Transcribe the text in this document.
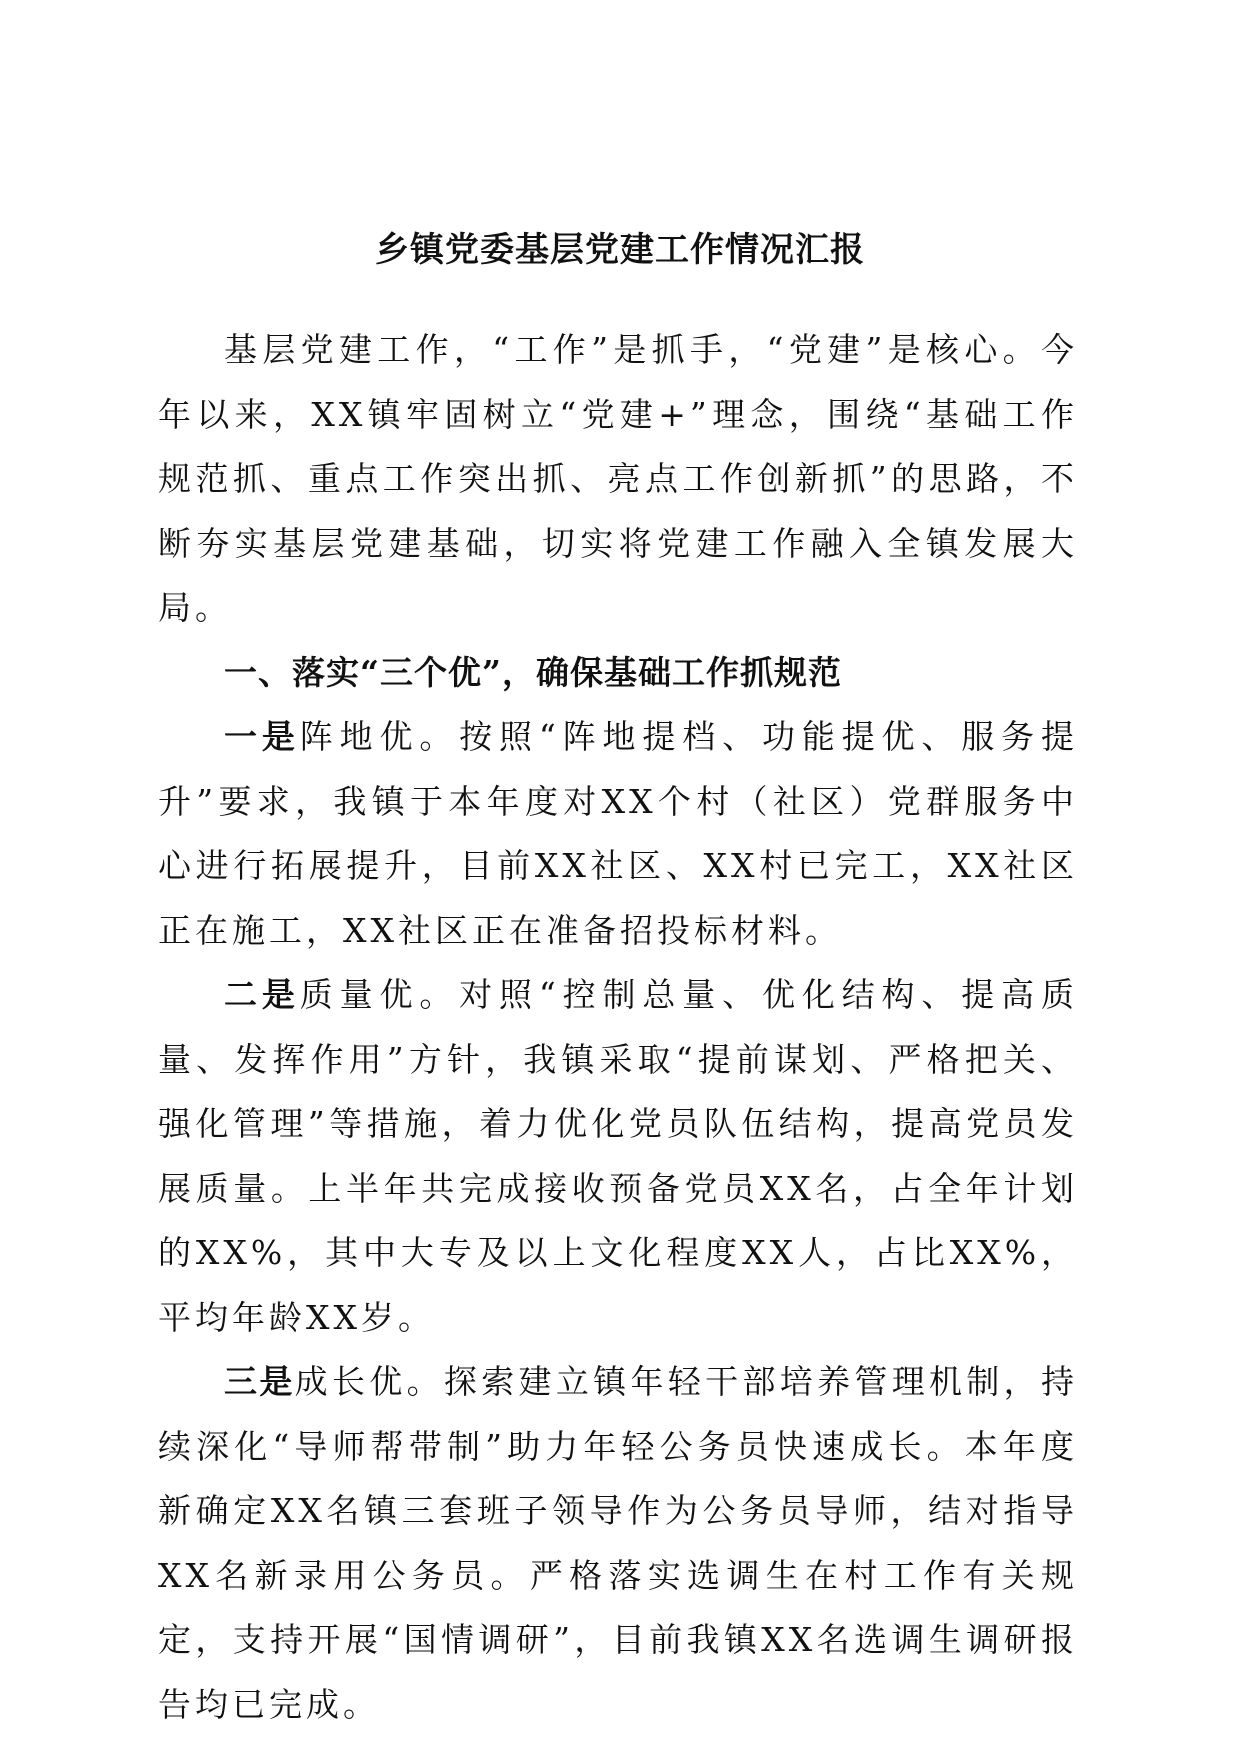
乡镇党委基层党建工作情况汇报

基层党建工作，“工作”是抓手，“党建”是核心。今年以来，XX镇牢固树立“党建+”理念，围绕“基础工作规范抓、重点工作突出抓、亮点工作创新抓”的思路，不断夯实基层党建基础，切实将党建工作融入全镇发展大局。

一、落实“三个优”，确保基础工作抓规范

一是阵地优。按照“阵地提档、功能提优、服务提升”要求，我镇于本年度对XX个村（社区）党群服务中心进行拓展提升，目前XX社区、XX村已完工，XX社区正在施工，XX社区正在准备招投标材料。

二是质量优。对照“控制总量、优化结构、提高质量、发挥作用”方针，我镇采取“提前谋划、严格把关、强化管理”等措施，着力优化党员队伍结构，提高党员发展质量。上半年共完成接收预备党员XX名，占全年计划的XX%，其中大专及以上文化程度XX人，占比XX%，平均年龄XX岁。

三是成长优。探索建立镇年轻干部培养管理机制，持续深化“导师帮带制”助力年轻公务员快速成长。本年度新确定XX名镇三套班子领导作为公务员导师，结对指导XX名新录用公务员。严格落实选调生在村工作有关规定，支持开展“国情调研”，目前我镇XX名选调生调研报告均已完成。
